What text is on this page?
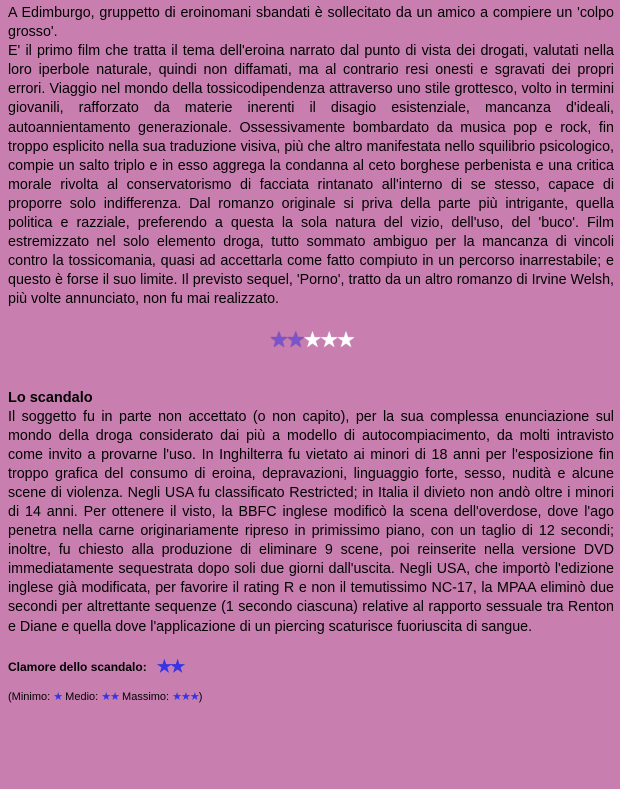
A Edimburgo, gruppetto di eroinomani sbandati è sollecitato da un amico a compiere un 'colpo grosso'.
E' il primo film che tratta il tema dell'eroina narrato dal punto di vista dei drogati, valutati nella loro iperbole naturale, quindi non diffamati, ma al contrario resi onesti e sgravati dei propri errori. Viaggio nel mondo della tossicodipendenza attraverso uno stile grottesco, volto in termini giovanili, rafforzato da materie inerenti il disagio esistenziale, mancanza d'ideali, autoannientamento generazionale. Ossessivamente bombardato da musica pop e rock, fin troppo esplicito nella sua traduzione visiva, più che altro manifestata nello squilibrio psicologico, compie un salto triplo e in esso aggrega la condanna al ceto borghese perbenista e una critica morale rivolta al conservatorismo di facciata rintanato all'interno di se stesso, capace di proporre solo indifferenza. Dal romanzo originale si priva della parte più intrigante, quella politica e razziale, preferendo a questa la sola natura del vizio, dell'uso, del 'buco'. Film estremizzato nel solo elemento droga, tutto sommato ambiguo per la mancanza di vincoli contro la tossicomania, quasi ad accettarla come fatto compiuto in un percorso inarrestabile; e questo è forse il suo limite. Il previsto sequel, 'Porno', tratto da un altro romanzo di Irvine Welsh, più volte annunciato, non fu mai realizzato.

★★★★★
Lo scandalo

Il soggetto fu in parte non accettato (o non capito), per la sua complessa enunciazione sul mondo della droga considerato dai più a modello di autocompiacimento, da molti intravisto come invito a provarne l'uso. In Inghilterra fu vietato ai minori di 18 anni per l'esposizione fin troppo grafica del consumo di eroina, depravazioni, linguaggio forte, sesso, nudità e alcune scene di violenza. Negli USA fu classificato Restricted; in Italia il divieto non andò oltre i minori di 14 anni. Per ottenere il visto, la BBFC inglese modificò la scena dell'overdose, dove l'ago penetra nella carne originariamente ripreso in primissimo piano, con un taglio di 12 secondi; inoltre, fu chiesto alla produzione di eliminare 9 scene, poi reinserite nella versione DVD immediatamente sequestrata dopo soli due giorni dall'uscita. Negli USA, che importò l'edizione inglese già modificata, per favorire il rating R e non il temutissimo NC-17, la MPAA eliminò due secondi per altrettante sequenze (1 secondo ciascuna) relative al rapporto sessuale tra Renton e Diane e quella dove l'applicazione di un piercing scaturisce fuoriuscita di sangue.

Clamore dello scandalo: ★★
(Minimo: ★ Medio: ★★ Massimo: ★★★)
